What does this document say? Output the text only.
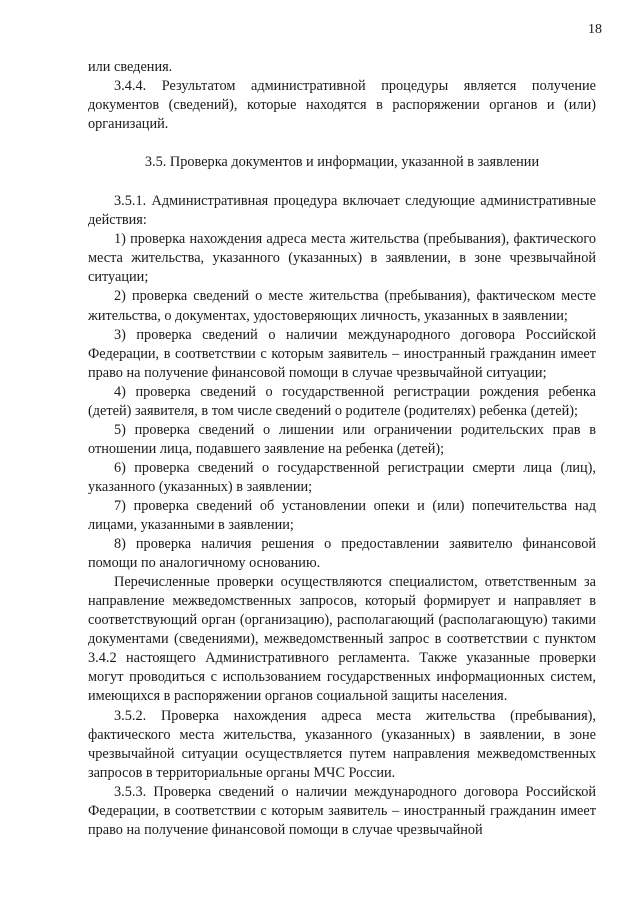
18

или сведения.

3.4.4. Результатом административной процедуры является получение документов (сведений), которые находятся в распоряжении органов и (или) организаций.

3.5. Проверка документов и информации, указанной в заявлении

3.5.1. Административная процедура включает следующие административные действия:

1) проверка нахождения адреса места жительства (пребывания), фактического места жительства, указанного (указанных) в заявлении, в зоне чрезвычайной ситуации;

2) проверка сведений о месте жительства (пребывания), фактическом месте жительства, о документах, удостоверяющих личность, указанных в заявлении;

3) проверка сведений о наличии международного договора Российской Федерации, в соответствии с которым заявитель – иностранный гражданин имеет право на получение финансовой помощи в случае чрезвычайной ситуации;

4) проверка сведений о государственной регистрации рождения ребенка (детей) заявителя, в том числе сведений о родителе (родителях) ребенка (детей);

5) проверка сведений о лишении или ограничении родительских прав в отношении лица, подавшего заявление на ребенка (детей);

6) проверка сведений о государственной регистрации смерти лица (лиц), указанного (указанных) в заявлении;

7) проверка сведений об установлении опеки и (или) попечительства над лицами, указанными в заявлении;

8) проверка наличия решения о предоставлении заявителю финансовой помощи по аналогичному основанию.

Перечисленные проверки осуществляются специалистом, ответственным за направление межведомственных запросов, который формирует и направляет в соответствующий орган (организацию), располагающий (располагающую) такими документами (сведениями), межведомственный запрос в соответствии с пунктом 3.4.2 настоящего Административного регламента. Также указанные проверки могут проводиться с использованием государственных информационных систем, имеющихся в распоряжении органов социальной защиты населения.

3.5.2. Проверка нахождения адреса места жительства (пребывания), фактического места жительства, указанного (указанных) в заявлении, в зоне чрезвычайной ситуации осуществляется путем направления межведомственных запросов в территориальные органы МЧС России.

3.5.3. Проверка сведений о наличии международного договора Российской Федерации, в соответствии с которым заявитель – иностранный гражданин имеет право на получение финансовой помощи в случае чрезвычайной
